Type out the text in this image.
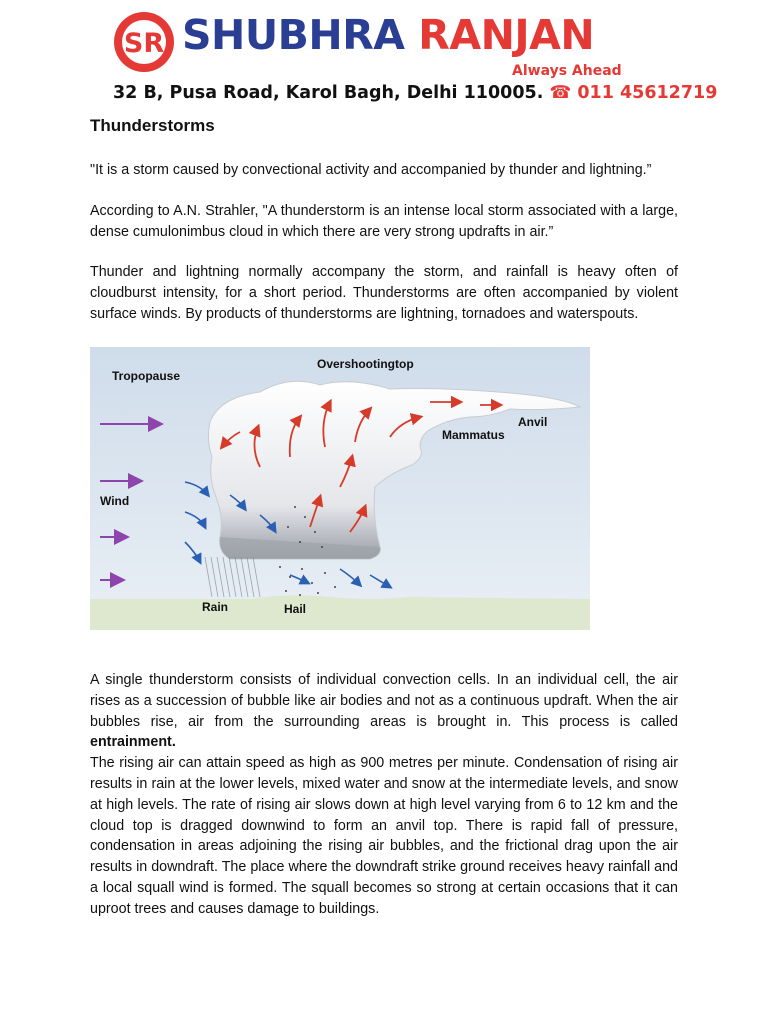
SR SHUBHRA RANJAN
Always Ahead
32 B, Pusa Road, Karol Bagh, Delhi 110005. ☎ 011 45612719
Thunderstorms

"It is a storm caused by convectional activity and accompanied by thunder and lightning.”

According to A.N. Strahler, "A thunderstorm is an intense local storm associated with a large, dense cumulonimbus cloud in which there are very strong updrafts in air.”

Thunder and lightning normally accompany the storm, and rainfall is heavy often of cloudburst intensity, for a short period. Thunderstorms are often accompanied by violent surface winds. By products of thunderstorms are lightning, tornadoes and waterspouts.

Tropopause
Overshootingtop
Anvil
Mammatus
Wind
Rain	Hail

A single thunderstorm consists of individual convection cells. In an individual cell, the air rises as a succession of bubble like air bodies and not as a continuous updraft. When the air bubbles rise, air from the surrounding areas is brought in. This process is called entrainment.

The rising air can attain speed as high as 900 metres per minute. Condensation of rising air results in rain at the lower levels, mixed water and snow at the intermediate levels, and snow at high levels. The rate of rising air slows down at high level varying from 6 to 12 km and the cloud top is dragged downwind to form an anvil top. There is rapid fall of pressure, condensation in areas adjoining the rising air bubbles, and the frictional drag upon the air results in downdraft. The place where the downdraft strike ground receives heavy rainfall and a local squall wind is formed. The squall becomes so strong at certain occasions that it can uproot trees and causes damage to buildings.
